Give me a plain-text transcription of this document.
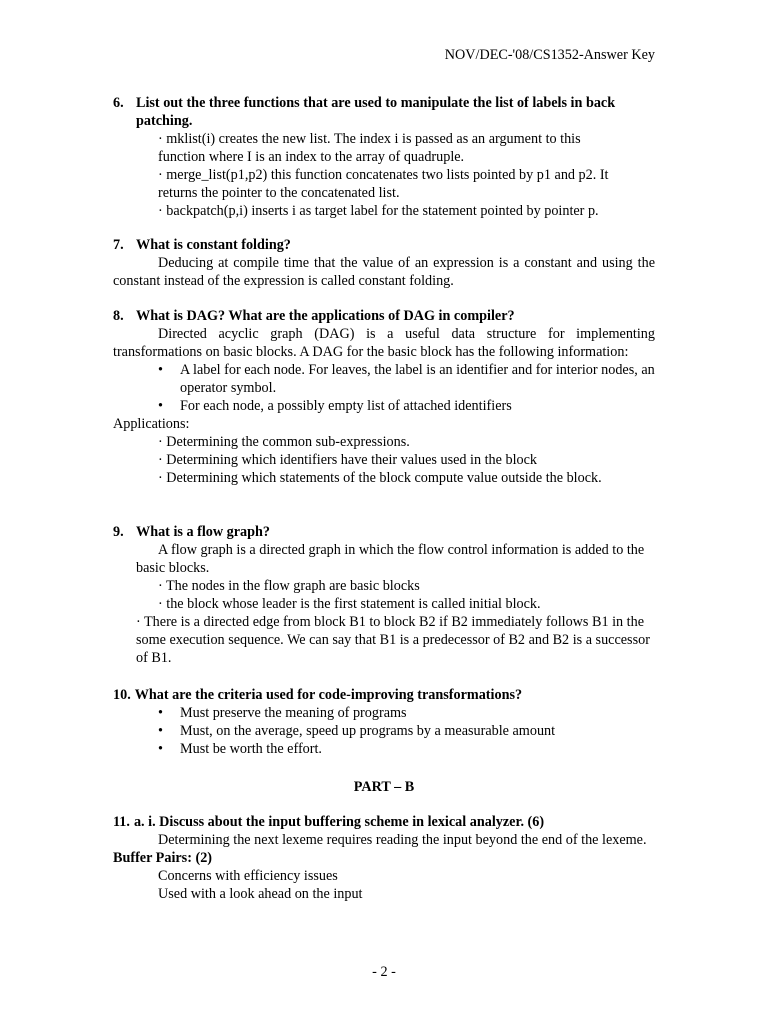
NOV/DEC-'08/CS1352-Answer Key
6. List out the three functions that are used to manipulate the list of labels in back patching.
· mklist(i) creates the new list. The index i is passed as an argument to this
function where I is an index to the array of quadruple.
· merge_list(p1,p2) this function concatenates two lists pointed by p1 and p2. It
returns the pointer to the concatenated list.
· backpatch(p,i) inserts i as target label for the statement pointed by pointer p.
7. What is constant folding?
Deducing at compile time that the value of an expression is a constant and using the constant instead of the expression is called constant folding.
8. What is DAG? What are the applications of DAG in compiler?
Directed acyclic graph (DAG) is a useful data structure for implementing transformations on basic blocks. A DAG for the basic block has the following information:
•	A label for each node. For leaves, the label is an identifier and for interior nodes, an operator symbol.
•	For each node, a possibly empty list of attached identifiers
Applications:
· Determining the common sub-expressions.
· Determining which identifiers have their values used in the block
· Determining which statements of the block compute value outside the block.
9. What is a flow graph?
A flow graph is a directed graph in which the flow control information is added to the basic blocks.
· The nodes in the flow graph are basic blocks
· the block whose leader is the first statement is called initial block.
· There is a directed edge from block B1 to block B2 if B2 immediately follows B1 in the some execution sequence. We can say that B1 is a predecessor of B2 and B2 is a successor of B1.
10. What are the criteria used for code-improving transformations?
•	Must preserve the meaning of programs
•	Must, on the average, speed up programs by a measurable amount
•	Must be worth the effort.
PART – B
11. a. i. Discuss about the input buffering scheme in lexical analyzer. (6)
Determining the next lexeme requires reading the input beyond the end of the lexeme.
Buffer Pairs: (2)
Concerns with efficiency issues
Used with a look ahead on the input
- 2 -
